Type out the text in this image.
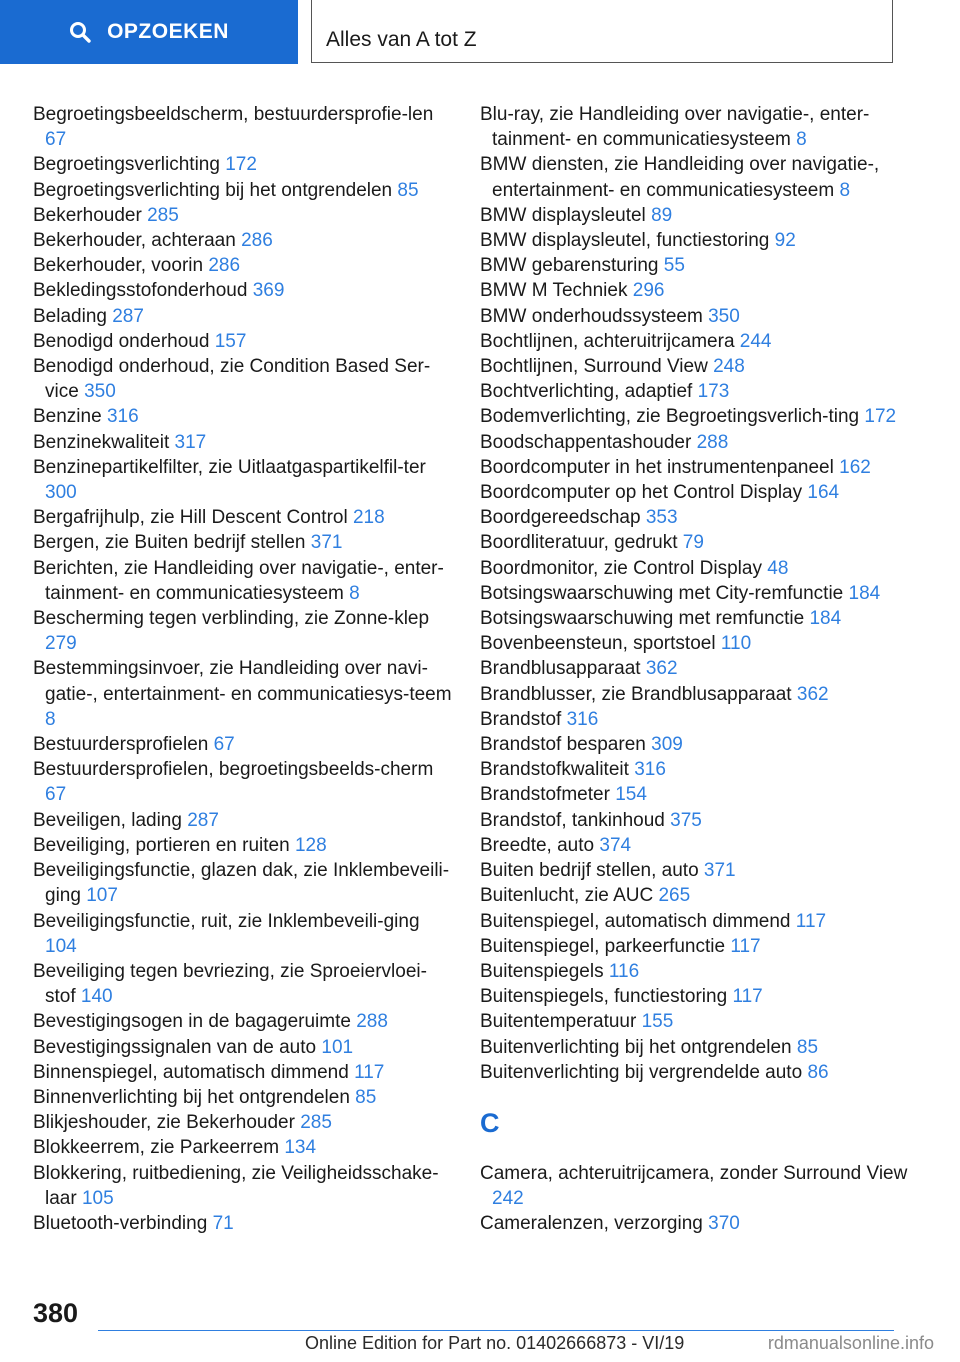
OPZOEKEN	Alles van A tot Z
Begroetingsbeeldscherm, bestuurdersprofie-len 67
Begroetingsverlichting 172
Begroetingsverlichting bij het ontgrendelen 85
Bekerhouder 285
Bekerhouder, achteraan 286
Bekerhouder, voorin 286
Bekledingsstofonderhoud 369
Belading 287
Benodigd onderhoud 157
Benodigd onderhoud, zie Condition Based Ser-vice 350
Benzine 316
Benzinekwaliteit 317
Benzinepartikelfilter, zie Uitlaatgaspartikelfil-ter 300
Bergafrijhulp, zie Hill Descent Control 218
Bergen, zie Buiten bedrijf stellen 371
Berichten, zie Handleiding over navigatie-, enter-tainment- en communicatiesysteem 8
Bescherming tegen verblinding, zie Zonne-klep 279
Bestemmingsinvoer, zie Handleiding over navi-gatie-, entertainment- en communicatiesys-teem 8
Bestuurdersprofielen 67
Bestuurdersprofielen, begroetingsbeelds-cherm 67
Beveiligen, lading 287
Beveiliging, portieren en ruiten 128
Beveiligingsfunctie, glazen dak, zie Inklembeveili-ging 107
Beveiligingsfunctie, ruit, zie Inklembeveili-ging 104
Beveiliging tegen bevriezing, zie Sproeiervloei-stof 140
Bevestigingsogen in de bagageruimte 288
Bevestigingssignalen van de auto 101
Binnenspiegel, automatisch dimmend 117
Binnenverlichting bij het ontgrendelen 85
Blikjeshouder, zie Bekerhouder 285
Blokkeerrem, zie Parkeerrem 134
Blokkering, ruitbediening, zie Veiligheidsschake-laar 105
Bluetooth-verbinding 71
Blu-ray, zie Handleiding over navigatie-, enter-tainment- en communicatiesysteem 8
BMW diensten, zie Handleiding over navigatie-, entertainment- en communicatiesysteem 8
BMW displaysleutel 89
BMW displaysleutel, functiestoring 92
BMW gebarensturing 55
BMW M Techniek 296
BMW onderhoudssysteem 350
Bochtlijnen, achteruitrijcamera 244
Bochtlijnen, Surround View 248
Bochtverlichting, adaptief 173
Bodemverlichting, zie Begroetingsverlich-ting 172
Boodschappentashouder 288
Boordcomputer in het instrumentenpaneel 162
Boordcomputer op het Control Display 164
Boordgereedschap 353
Boordliteratuur, gedrukt 79
Boordmonitor, zie Control Display 48
Botsingswaarschuwing met City-remfunctie 184
Botsingswaarschuwing met remfunctie 184
Bovenbeensteun, sportstoel 110
Brandblusapparaat 362
Brandblusser, zie Brandblusapparaat 362
Brandstof 316
Brandstof besparen 309
Brandstofkwaliteit 316
Brandstofmeter 154
Brandstof, tankinhoud 375
Breedte, auto 374
Buiten bedrijf stellen, auto 371
Buitenlucht, zie AUC 265
Buitenspiegel, automatisch dimmend 117
Buitenspiegel, parkeerfunctie 117
Buitenspiegels 116
Buitenspiegels, functiestoring 117
Buitentemperatuur 155
Buitenverlichting bij het ontgrendelen 85
Buitenverlichting bij vergrendelde auto 86
C
Camera, achteruitrijcamera, zonder Surround View 242
Cameralenzen, verzorging 370
380
Online Edition for Part no. 01402666873 - VI/19	rdmanualsonline.info
